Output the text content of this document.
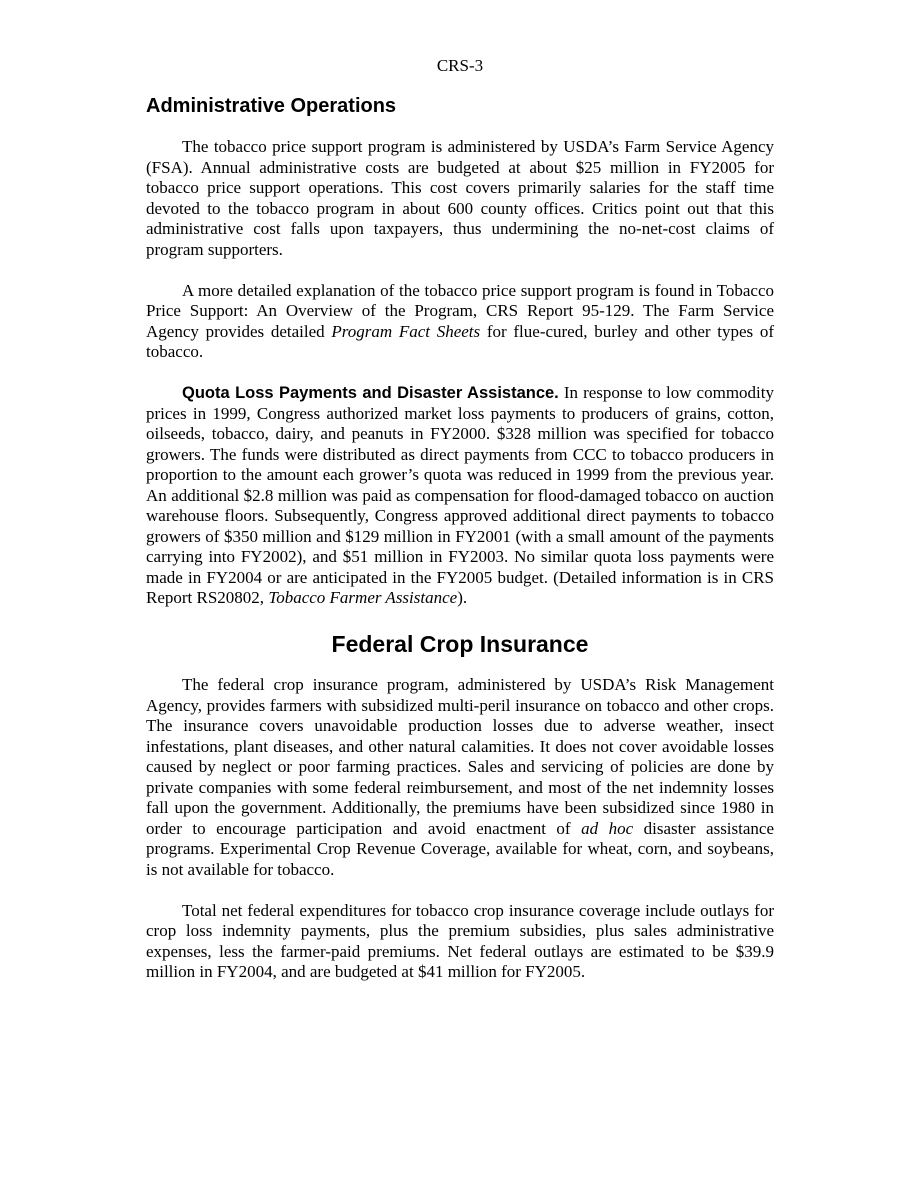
CRS-3
Administrative Operations

The tobacco price support program is administered by USDA’s Farm Service Agency (FSA). Annual administrative costs are budgeted at about $25 million in FY2005 for tobacco price support operations. This cost covers primarily salaries for the staff time devoted to the tobacco program in about 600 county offices. Critics point out that this administrative cost falls upon taxpayers, thus undermining the no-net-cost claims of program supporters.

A more detailed explanation of the tobacco price support program is found in Tobacco Price Support: An Overview of the Program, CRS Report 95-129. The Farm Service Agency provides detailed Program Fact Sheets for flue-cured, burley and other types of tobacco.

Quota Loss Payments and Disaster Assistance. In response to low commodity prices in 1999, Congress authorized market loss payments to producers of grains, cotton, oilseeds, tobacco, dairy, and peanuts in FY2000. $328 million was specified for tobacco growers. The funds were distributed as direct payments from CCC to tobacco producers in proportion to the amount each grower’s quota was reduced in 1999 from the previous year. An additional $2.8 million was paid as compensation for flood-damaged tobacco on auction warehouse floors. Subsequently, Congress approved additional direct payments to tobacco growers of $350 million and $129 million in FY2001 (with a small amount of the payments carrying into FY2002), and $51 million in FY2003. No similar quota loss payments were made in FY2004 or are anticipated in the FY2005 budget. (Detailed information is in CRS Report RS20802, Tobacco Farmer Assistance).

Federal Crop Insurance

The federal crop insurance program, administered by USDA’s Risk Management Agency, provides farmers with subsidized multi-peril insurance on tobacco and other crops. The insurance covers unavoidable production losses due to adverse weather, insect infestations, plant diseases, and other natural calamities. It does not cover avoidable losses caused by neglect or poor farming practices. Sales and servicing of policies are done by private companies with some federal reimbursement, and most of the net indemnity losses fall upon the government. Additionally, the premiums have been subsidized since 1980 in order to encourage participation and avoid enactment of ad hoc disaster assistance programs. Experimental Crop Revenue Coverage, available for wheat, corn, and soybeans, is not available for tobacco.

Total net federal expenditures for tobacco crop insurance coverage include outlays for crop loss indemnity payments, plus the premium subsidies, plus sales administrative expenses, less the farmer-paid premiums. Net federal outlays are estimated to be $39.9 million in FY2004, and are budgeted at $41 million for FY2005.
